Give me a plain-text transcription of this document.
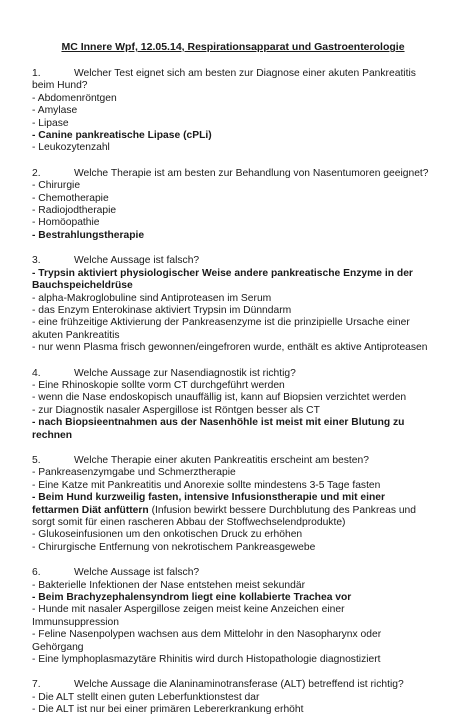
MC Innere Wpf, 12.05.14, Respirationsapparat und Gastroenterologie
1.	Welcher Test eignet sich am besten zur Diagnose einer akuten Pankreatitis beim Hund?
- Abdomenröntgen
- Amylase
- Lipase
- Canine pankreatische Lipase (cPLi)
- Leukozytenzahl
2.	Welche Therapie ist am besten zur Behandlung von Nasentumoren geeignet?
- Chirurgie
- Chemotherapie
- Radiojodtherapie
- Homöopathie
- Bestrahlungstherapie
3.	Welche Aussage ist falsch?
- Trypsin aktiviert physiologischer Weise andere pankreatische Enzyme in der Bauchspeicheldrüse
- alpha-Makroglobuline sind Antiproteasen im Serum
- das Enzym Enterokinase aktiviert Trypsin im Dünndarm
- eine frühzeitige Aktivierung der Pankreasenzyme ist die prinzipielle Ursache einer akuten Pankreatitis
- nur wenn Plasma frisch gewonnen/eingefroren wurde, enthält es aktive Antiproteasen
4.	Welche Aussage zur Nasendiagnostik ist richtig?
- Eine Rhinoskopie sollte vorm CT durchgeführt werden
- wenn die Nase endoskopisch unauffällig ist, kann auf Biopsien verzichtet werden
- zur Diagnostik nasaler Aspergillose ist Röntgen besser als CT
- nach Biopsieentnahmen aus der Nasenhöhle ist meist mit einer Blutung zu rechnen
5.	Welche Therapie einer akuten Pankreatitis erscheint am besten?
- Pankreasenzymgabe und Schmerztherapie
- Eine Katze mit Pankreatitis und Anorexie sollte mindestens 3-5 Tage fasten
- Beim Hund kurzweilig fasten, intensive Infusionstherapie und mit einer fettarmen Diät anfüttern (Infusion bewirkt bessere Durchblutung des Pankreas und sorgt somit für einen rascheren Abbau der Stoffwechselendprodukte)
- Glukoseinfusionen um den onkotischen Druck zu erhöhen
- Chirurgische Entfernung von nekrotischem Pankreasgewebe
6.	Welche Aussage ist falsch?
- Bakterielle Infektionen der Nase entstehen meist sekundär
- Beim Brachyzephalensyndrom liegt eine kollabierte Trachea vor
- Hunde mit nasaler Aspergillose zeigen meist keine Anzeichen einer Immunsuppression
- Feline Nasenpolypen wachsen aus dem Mittelohr in den Nasopharynx oder Gehörgang
- Eine lymphoplasmazytäre Rhinitis wird durch Histopathologie diagnostiziert
7.	Welche Aussage die Alaninaminotransferase (ALT) betreffend ist richtig?
- Die ALT stellt einen guten Leberfunktionstest dar
- Die ALT ist nur bei einer primären Lebererkrankung erhöht
